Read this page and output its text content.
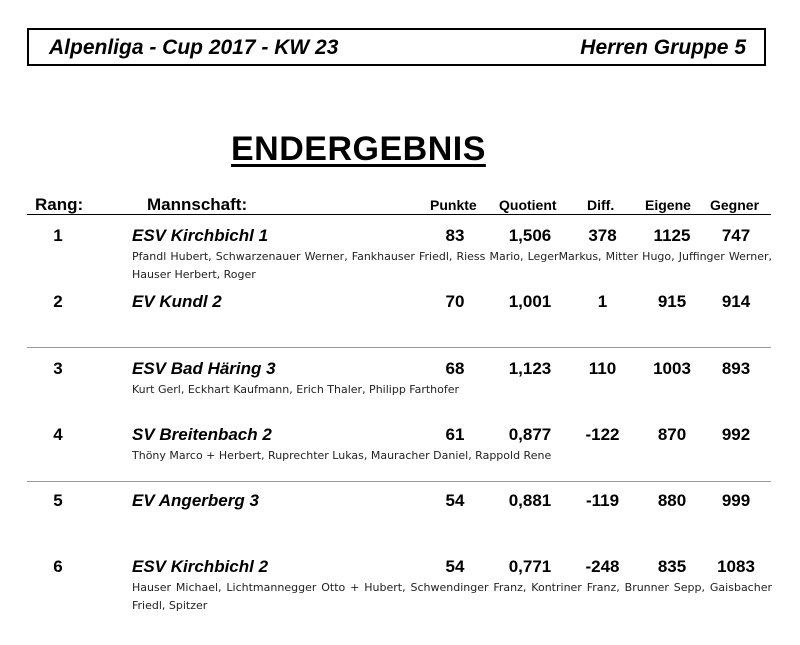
Alpenliga - Cup 2017 - KW 23	Herren Gruppe 5
ENDERGEBNIS
Rang:	Mannschaft:	Punkte Quotient Diff. Eigene Gegner
1	ESV Kirchbichl 1	83	1,506	378	1125	747
Pfandl Hubert, Schwarzenauer Werner, Fankhauser Friedl, Riess Mario, LegerMarkus, Mitter Hugo, Juffinger Werner, Hauser Herbert, Roger
2	EV Kundl 2	70	1,001	1	915	914
3	ESV Bad Häring 3	68	1,123	110	1003	893
Kurt Gerl, Eckhart Kaufmann, Erich Thaler, Philipp Farthofer
4	SV Breitenbach 2	61	0,877	-122	870	992
Thöny Marco + Herbert, Ruprechter Lukas, Mauracher Daniel, Rappold Rene
5	EV Angerberg 3	54	0,881	-119	880	999
6	ESV Kirchbichl 2	54	0,771	-248	835	1083
Hauser Michael, Lichtmannegger Otto + Hubert, Schwendinger Franz, Kontriner Franz, Brunner Sepp, Gaisbacher Friedl, Spitzer
